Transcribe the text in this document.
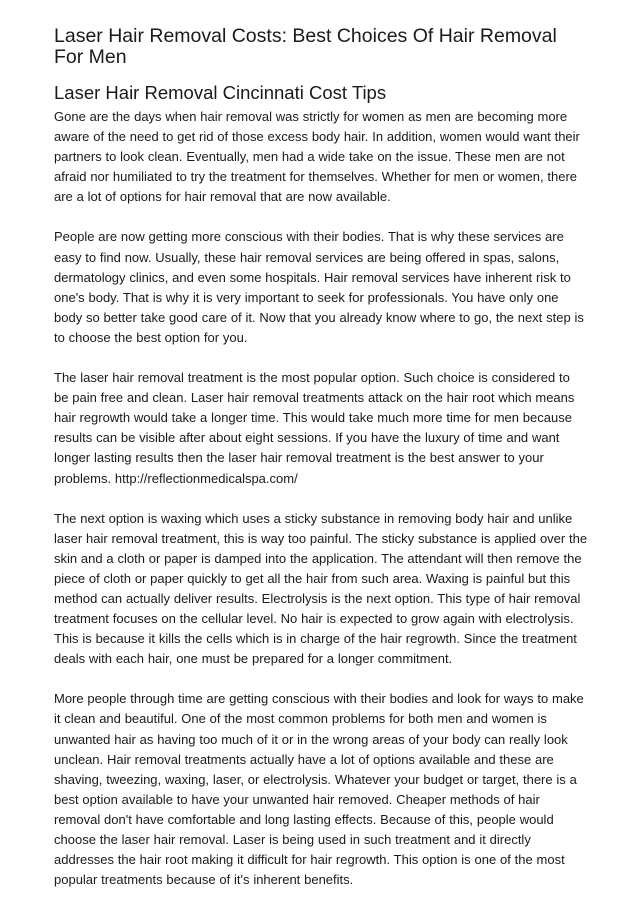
Laser Hair Removal Costs: Best Choices Of Hair Removal For Men
Laser Hair Removal Cincinnati Cost Tips

Gone are the days when hair removal was strictly for women as men are becoming more aware of the need to get rid of those excess body hair. In addition, women would want their partners to look clean. Eventually, men had a wide take on the issue. These men are not afraid nor humiliated to try the treatment for themselves. Whether for men or women, there are a lot of options for hair removal that are now available.

People are now getting more conscious with their bodies. That is why these services are easy to find now. Usually, these hair removal services are being offered in spas, salons, dermatology clinics, and even some hospitals. Hair removal services have inherent risk to one's body. That is why it is very important to seek for professionals. You have only one body so better take good care of it. Now that you already know where to go, the next step is to choose the best option for you.

The laser hair removal treatment is the most popular option. Such choice is considered to be pain free and clean. Laser hair removal treatments attack on the hair root which means hair regrowth would take a longer time. This would take much more time for men because results can be visible after about eight sessions. If you have the luxury of time and want longer lasting results then the laser hair removal treatment is the best answer to your problems. http://reflectionmedicalspa.com/

The next option is waxing which uses a sticky substance in removing body hair and unlike laser hair removal treatment, this is way too painful. The sticky substance is applied over the skin and a cloth or paper is damped into the application. The attendant will then remove the piece of cloth or paper quickly to get all the hair from such area. Waxing is painful but this method can actually deliver results. Electrolysis is the next option. This type of hair removal treatment focuses on the cellular level. No hair is expected to grow again with electrolysis. This is because it kills the cells which is in charge of the hair regrowth. Since the treatment deals with each hair, one must be prepared for a longer commitment.

More people through time are getting conscious with their bodies and look for ways to make it clean and beautiful. One of the most common problems for both men and women is unwanted hair as having too much of it or in the wrong areas of your body can really look unclean. Hair removal treatments actually have a lot of options available and these are shaving, tweezing, waxing, laser, or electrolysis. Whatever your budget or target, there is a best option available to have your unwanted hair removed. Cheaper methods of hair removal don't have comfortable and long lasting effects. Because of this, people would choose the laser hair removal. Laser is being used in such treatment and it directly addresses the hair root making it difficult for hair regrowth. This option is one of the most popular treatments because of it's inherent benefits.
